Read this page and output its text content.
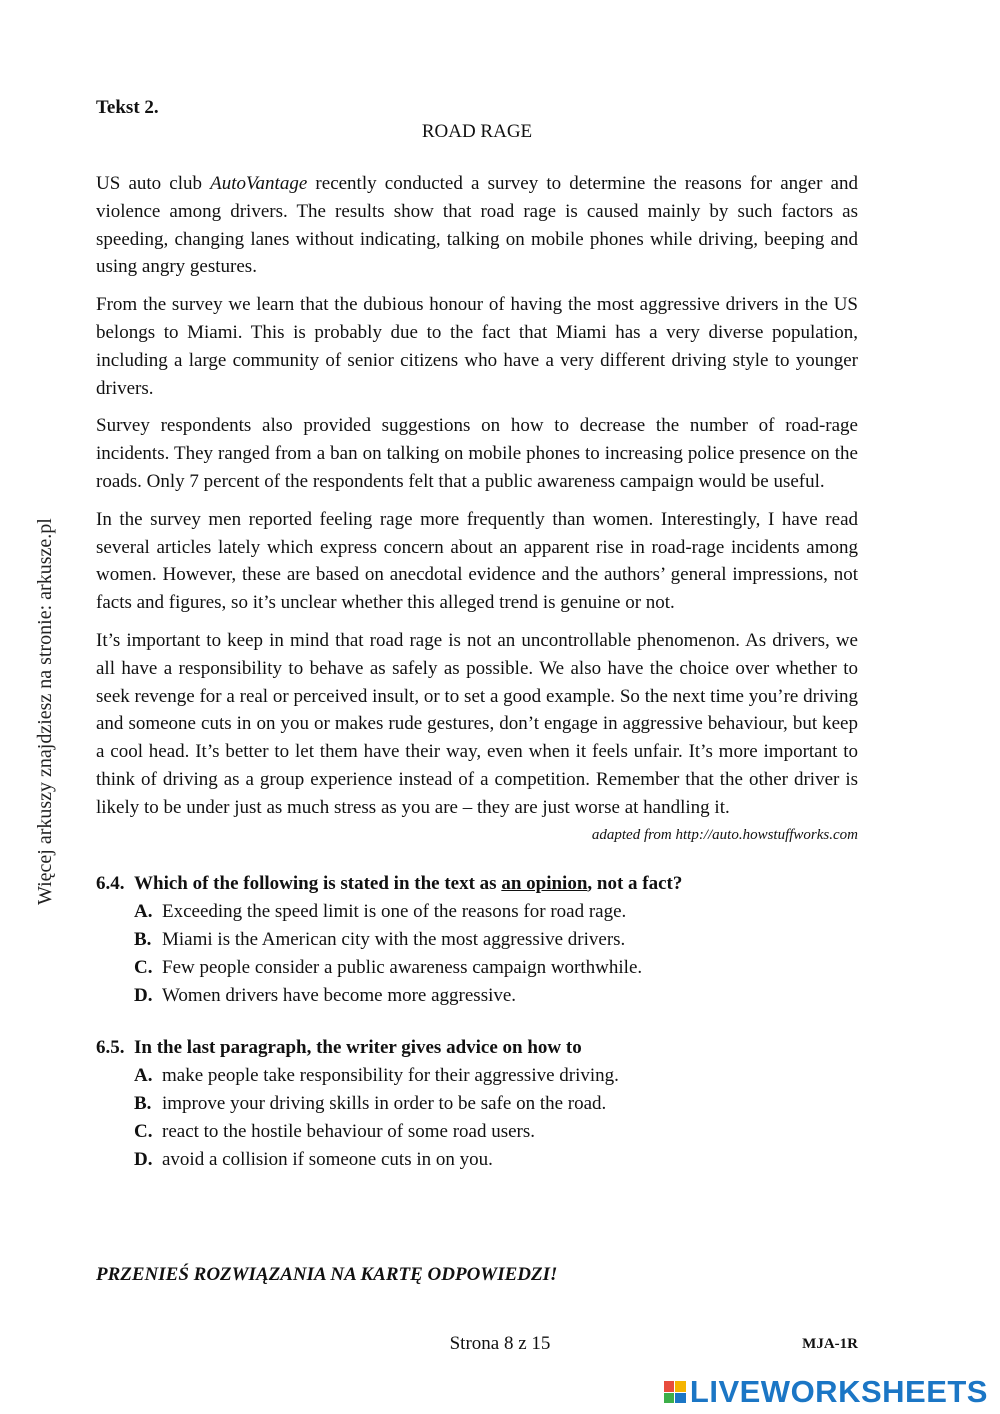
Więcej arkuszy znajdziesz na stronie: arkusze.pl

Tekst 2.

ROAD RAGE

US auto club AutoVantage recently conducted a survey to determine the reasons for anger and violence among drivers. The results show that road rage is caused mainly by such factors as speeding, changing lanes without indicating, talking on mobile phones while driving, beeping and using angry gestures.

From the survey we learn that the dubious honour of having the most aggressive drivers in the US belongs to Miami. This is probably due to the fact that Miami has a very diverse population, including a large community of senior citizens who have a very different driving style to younger drivers.

Survey respondents also provided suggestions on how to decrease the number of road-rage incidents. They ranged from a ban on talking on mobile phones to increasing police presence on the roads. Only 7 percent of the respondents felt that a public awareness campaign would be useful.

In the survey men reported feeling rage more frequently than women. Interestingly, I have read several articles lately which express concern about an apparent rise in road-rage incidents among women. However, these are based on anecdotal evidence and the authors’ general impressions, not facts and figures, so it’s unclear whether this alleged trend is genuine or not.

It’s important to keep in mind that road rage is not an uncontrollable phenomenon. As drivers, we all have a responsibility to behave as safely as possible. We also have the choice over whether to seek revenge for a real or perceived insult, or to set a good example. So the next time you’re driving and someone cuts in on you or makes rude gestures, don’t engage in aggressive behaviour, but keep a cool head. It’s better to let them have their way, even when it feels unfair. It’s more important to think of driving as a group experience instead of a competition. Remember that the other driver is likely to be under just as much stress as you are – they are just worse at handling it.

adapted from http://auto.howstuffworks.com
6.4. Which of the following is stated in the text as an opinion, not a fact?
A. Exceeding the speed limit is one of the reasons for road rage.
B. Miami is the American city with the most aggressive drivers.
C. Few people consider a public awareness campaign worthwhile.
D. Women drivers have become more aggressive.
6.5. In the last paragraph, the writer gives advice on how to
A. make people take responsibility for their aggressive driving.
B. improve your driving skills in order to be safe on the road.
C. react to the hostile behaviour of some road users.
D. avoid a collision if someone cuts in on you.
PRZENIEŚ ROZWIĄZANIA NA KARTĘ ODPOWIEDZI!
Strona 8 z 15	MJA-1R
LIVEWORKSHEETS
